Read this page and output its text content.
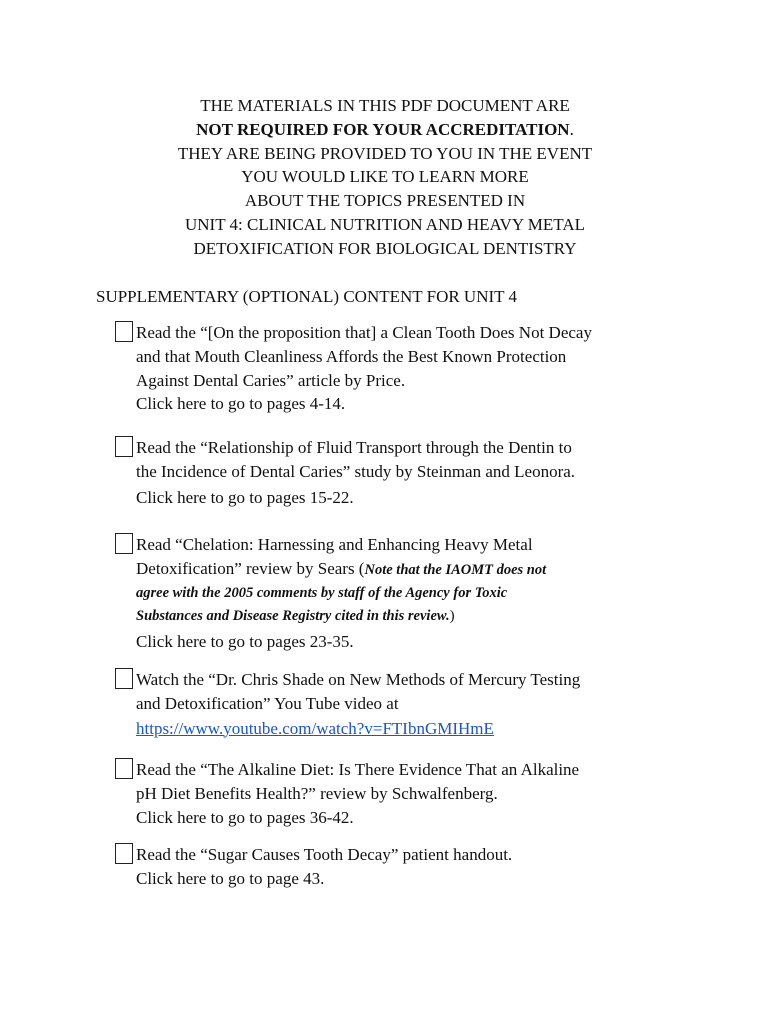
THE MATERIALS IN THIS PDF DOCUMENT ARE
NOT REQUIRED FOR YOUR ACCREDITATION.
THEY ARE BEING PROVIDED TO YOU IN THE EVENT
YOU WOULD LIKE TO LEARN MORE
ABOUT THE TOPICS PRESENTED IN
UNIT 4: CLINICAL NUTRITION AND HEAVY METAL
DETOXIFICATION FOR BIOLOGICAL DENTISTRY
SUPPLEMENTARY (OPTIONAL) CONTENT FOR UNIT 4
Read the “[On the proposition that] a Clean Tooth Does Not Decay
and that Mouth Cleanliness Affords the Best Known Protection
Against Dental Caries” article by Price.
Click here to go to pages 4-14.
Read the “Relationship of Fluid Transport through the Dentin to
the Incidence of Dental Caries” study by Steinman and Leonora.
Click here to go to pages 15-22.
Read “Chelation: Harnessing and Enhancing Heavy Metal
Detoxification” review by Sears (Note that the IAOMT does not
agree with the 2005 comments by staff of the Agency for Toxic
Substances and Disease Registry cited in this review.)
Click here to go to pages 23-35.
Watch the “Dr. Chris Shade on New Methods of Mercury Testing
and Detoxification” You Tube video at
https://www.youtube.com/watch?v=FTIbnGMIHmE
Read the “The Alkaline Diet: Is There Evidence That an Alkaline
pH Diet Benefits Health?” review by Schwalfenberg.
Click here to go to pages 36-42.
Read the “Sugar Causes Tooth Decay” patient handout.
Click here to go to page 43.
